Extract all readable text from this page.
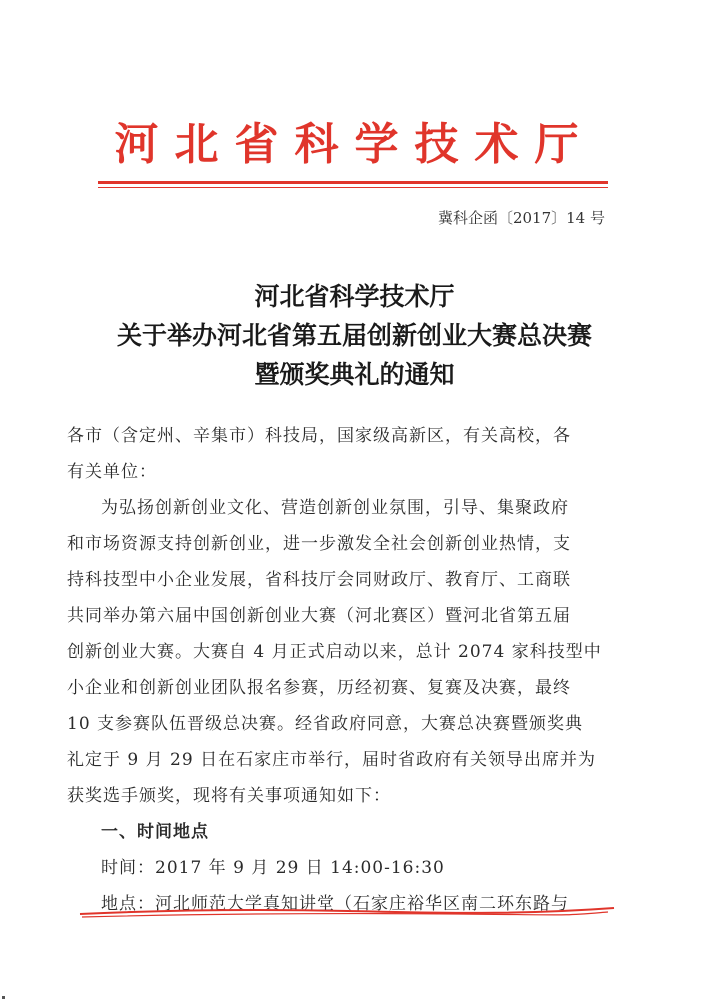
河北省科学技术厅
冀科企函〔2017〕14 号
河北省科学技术厅
关于举办河北省第五届创新创业大赛总决赛
暨颁奖典礼的通知
各市（含定州、辛集市）科技局，国家级高新区，有关高校，各
有关单位：
为弘扬创新创业文化、营造创新创业氛围，引导、集聚政府
和市场资源支持创新创业，进一步激发全社会创新创业热情，支
持科技型中小企业发展，省科技厅会同财政厅、教育厅、工商联
共同举办第六届中国创新创业大赛（河北赛区）暨河北省第五届
创新创业大赛。大赛自 4 月正式启动以来，总计 2074 家科技型中
小企业和创新创业团队报名参赛，历经初赛、复赛及决赛，最终
10 支参赛队伍晋级总决赛。经省政府同意，大赛总决赛暨颁奖典
礼定于 9 月 29 日在石家庄市举行，届时省政府有关领导出席并为
获奖选手颁奖，现将有关事项通知如下：
一、时间地点
时间：2017 年 9 月 29 日 14:00-16:30
地点：河北师范大学真知讲堂（石家庄裕华区南二环东路与
